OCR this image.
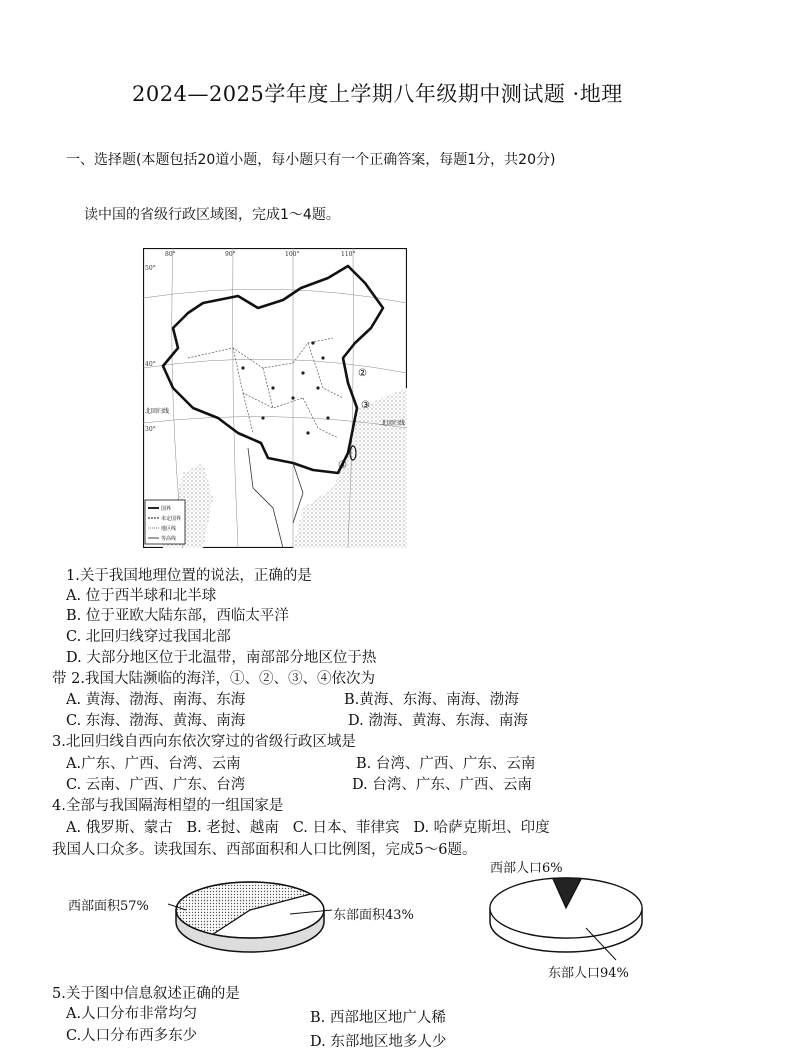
2024—2025学年度上学期八年级期中测试题 ·地理
一、选择题(本题包括20道小题，每小题只有一个正确答案，每题1分，共20分)
读中国的省级行政区域图，完成1～4题。
②
③
④
北回归线
北回归线
80°	90°	100°	110°
50°
40°
30°
国界
未定国界
地区线
等高线
1.关于我国地理位置的说法，正确的是
A. 位于西半球和北半球
B. 位于亚欧大陆东部，西临太平洋
C. 北回归线穿过我国北部
D. 大部分地区位于北温带，南部部分地区位于热
带 2.我国大陆濒临的海洋，①、②、③、④依次为
A. 黄海、渤海、南海、东海	B.黄海、东海、南海、渤海
C. 东海、渤海、黄海、南海	D. 渤海、黄海、东海、南海
3.北回归线自西向东依次穿过的省级行政区域是
A.广东、广西、台湾、云南	B. 台湾、广西、广东、云南
C. 云南、广西、广东、台湾	D. 台湾、广东、广西、云南
4.全部与我国隔海相望的一组国家是
A. 俄罗斯、蒙古   B. 老挝、越南   C. 日本、菲律宾   D. 哈萨克斯坦、印度
我国人口众多。读我国东、西部面积和人口比例图，完成5～6题。
西部面积57%
东部面积43%
西部人口6%
东部人口94%
5.关于图中信息叙述正确的是
A.人口分布非常均匀	B. 西部地区地广人稀
C.人口分布西多东少	D. 东部地区地多人少
